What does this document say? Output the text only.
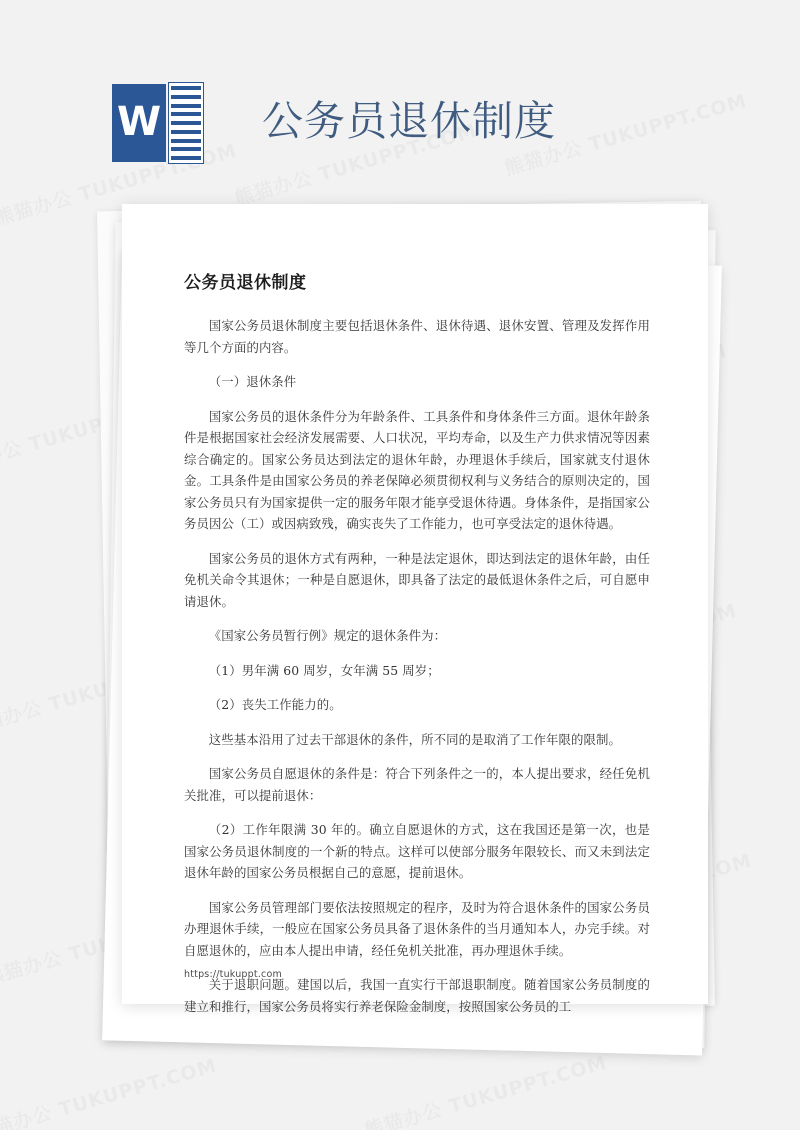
W 公务员退休制度
公务员退休制度

国家公务员退休制度主要包括退休条件、退休待遇、退休安置、管理及发挥作用等几个方面的内容。

（一）退休条件

国家公务员的退休条件分为年龄条件、工具条件和身体条件三方面。退休年龄条件是根据国家社会经济发展需要、人口状况，平均寿命，以及生产力供求情况等因素综合确定的。国家公务员达到法定的退休年龄，办理退休手续后，国家就支付退休金。工具条件是由国家公务员的养老保障必须贯彻权利与义务结合的原则决定的，国家公务员只有为国家提供一定的服务年限才能享受退休待遇。身体条件，是指国家公务员因公（工）或因病致残，确实丧失了工作能力，也可享受法定的退休待遇。

国家公务员的退休方式有两种，一种是法定退休，即达到法定的退休年龄，由任免机关命令其退休；一种是自愿退休，即具备了法定的最低退休条件之后，可自愿申请退休。

《国家公务员暂行例》规定的退休条件为：

（1）男年满 60 周岁，女年满 55 周岁；

（2）丧失工作能力的。

这些基本沿用了过去干部退休的条件，所不同的是取消了工作年限的限制。

国家公务员自愿退休的条件是：符合下列条件之一的，本人提出要求，经任免机关批准，可以提前退休：

（2）工作年限满 30 年的。确立自愿退休的方式，这在我国还是第一次，也是国家公务员退休制度的一个新的特点。这样可以使部分服务年限较长、而又未到法定退休年龄的国家公务员根据自己的意愿，提前退休。

国家公务员管理部门要依法按照规定的程序，及时为符合退休条件的国家公务员办理退休手续，一般应在国家公务员具备了退休条件的当月通知本人，办完手续。对自愿退休的，应由本人提出申请，经任免机关批准，再办理退休手续。

关于退职问题。建国以后，我国一直实行干部退职制度。随着国家公务员制度的建立和推行，国家公务员将实行养老保险金制度，按照国家公务员的工

https://tukuppt.com
